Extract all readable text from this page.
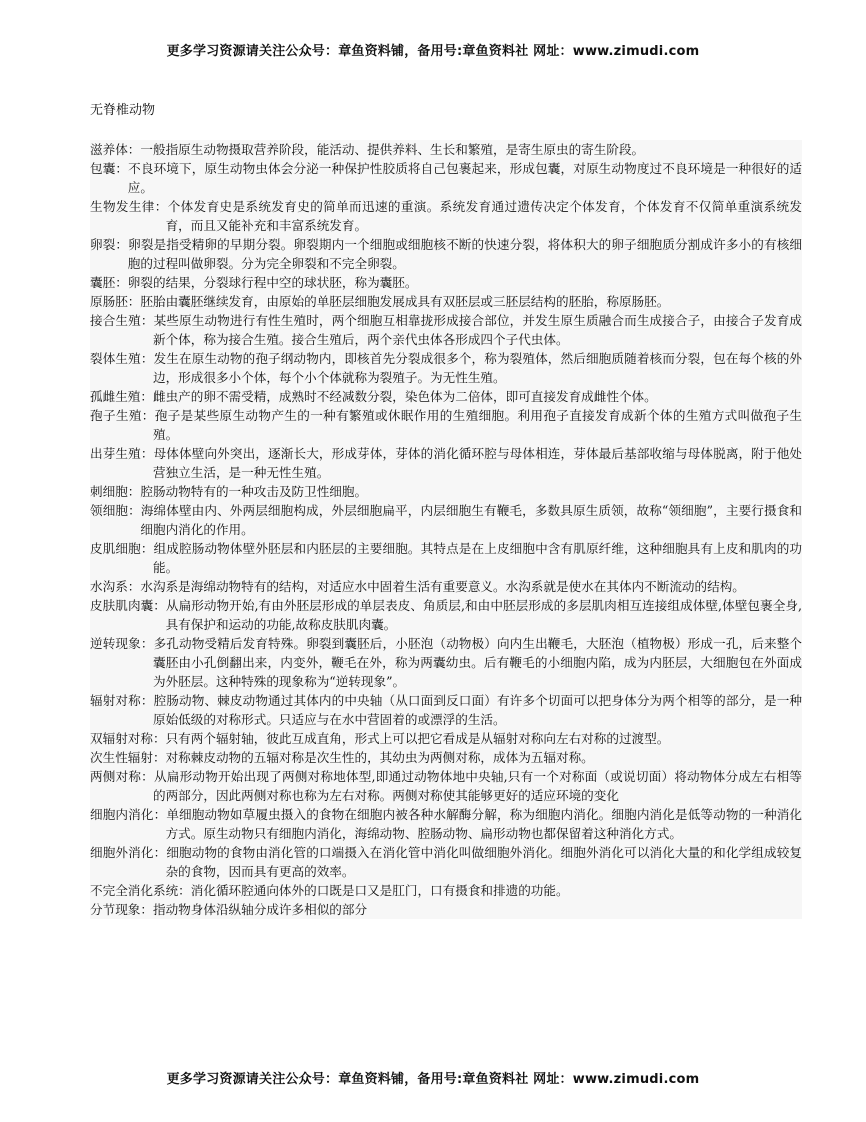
更多学习资源请关注公众号：章鱼资料铺，备用号:章鱼资料社 网址：www.zimudi.com
无脊椎动物

滋养体：一般指原生动物摄取营养阶段，能活动、提供养料、生长和繁殖，是寄生原虫的寄生阶段。

包囊：不良环境下，原生动物虫体会分泌一种保护性胶质将自己包裹起来，形成包囊，对原生动物度过不良环境是一种很好的适应。

生物发生律：个体发育史是系统发育史的简单而迅速的重演。系统发育通过遗传决定个体发育，个体发育不仅简单重演系统发育，而且又能补充和丰富系统发育。

卵裂：卵裂是指受精卵的早期分裂。卵裂期内一个细胞或细胞核不断的快速分裂，将体积大的卵子细胞质分割成许多小的有核细胞的过程叫做卵裂。分为完全卵裂和不完全卵裂。

囊胚：卵裂的结果，分裂球行程中空的球状胚，称为囊胚。

原肠胚：胚胎由囊胚继续发育，由原始的单胚层细胞发展成具有双胚层或三胚层结构的胚胎，称原肠胚。

接合生殖：某些原生动物进行有性生殖时，两个细胞互相靠拢形成接合部位，并发生原生质融合而生成接合子，由接合子发育成新个体，称为接合生殖。接合生殖后，两个亲代虫体各形成四个子代虫体。

裂体生殖：发生在原生动物的孢子纲动物内，即核首先分裂成很多个，称为裂殖体，然后细胞质随着核而分裂，包在每个核的外边，形成很多小个体，每个小个体就称为裂殖子。为无性生殖。

孤雌生殖：雌虫产的卵不需受精，成熟时不经减数分裂，染色体为二倍体，即可直接发育成雌性个体。

孢子生殖：孢子是某些原生动物产生的一种有繁殖或休眠作用的生殖细胞。利用孢子直接发育成新个体的生殖方式叫做孢子生殖。

出芽生殖：母体体壁向外突出，逐渐长大，形成芽体，芽体的消化循环腔与母体相连，芽体最后基部收缩与母体脱离，附于他处营独立生活，是一种无性生殖。

刺细胞：腔肠动物特有的一种攻击及防卫性细胞。

领细胞：海绵体壁由内、外两层细胞构成，外层细胞扁平，内层细胞生有鞭毛，多数具原生质领，故称“领细胞”，主要行摄食和细胞内消化的作用。

皮肌细胞：组成腔肠动物体壁外胚层和内胚层的主要细胞。其特点是在上皮细胞中含有肌原纤维，这种细胞具有上皮和肌肉的功能。

水沟系：水沟系是海绵动物特有的结构，对适应水中固着生活有重要意义。水沟系就是使水在其体内不断流动的结构。

皮肤肌肉囊：从扁形动物开始,有由外胚层形成的单层表皮、角质层,和由中胚层形成的多层肌肉相互连接组成体壁,体壁包裹全身,具有保护和运动的功能,故称皮肤肌肉囊。

逆转现象：多孔动物受精后发育特殊。卵裂到囊胚后，小胚泡（动物极）向内生出鞭毛，大胚泡（植物极）形成一孔，后来整个囊胚由小孔倒翻出来，内变外，鞭毛在外，称为两囊幼虫。后有鞭毛的小细胞内陷，成为内胚层，大细胞包在外面成为外胚层。这种特殊的现象称为“逆转现象”。

辐射对称：腔肠动物、棘皮动物通过其体内的中央轴（从口面到反口面）有许多个切面可以把身体分为两个相等的部分，是一种原始低级的对称形式。只适应与在水中营固着的或漂浮的生活。

双辐射对称：只有两个辐射轴，彼此互成直角，形式上可以把它看成是从辐射对称向左右对称的过渡型。

次生性辐射：对称棘皮动物的五辐对称是次生性的，其幼虫为两侧对称，成体为五辐对称。

两侧对称：从扁形动物开始出现了两侧对称地体型,即通过动物体地中央轴,只有一个对称面（或说切面）将动物体分成左右相等的两部分，因此两侧对称也称为左右对称。两侧对称使其能够更好的适应环境的变化

细胞内消化：单细胞动物如草履虫摄入的食物在细胞内被各种水解酶分解，称为细胞内消化。细胞内消化是低等动物的一种消化方式。原生动物只有细胞内消化，海绵动物、腔肠动物、扁形动物也都保留着这种消化方式。

细胞外消化：细胞动物的食物由消化管的口端摄入在消化管中消化叫做细胞外消化。细胞外消化可以消化大量的和化学组成较复杂的食物，因而具有更高的效率。

不完全消化系统：消化循环腔通向体外的口既是口又是肛门，口有摄食和排遗的功能。

分节现象：指动物身体沿纵轴分成许多相似的部分

更多学习资源请关注公众号：章鱼资料铺，备用号:章鱼资料社 网址：www.zimudi.com
